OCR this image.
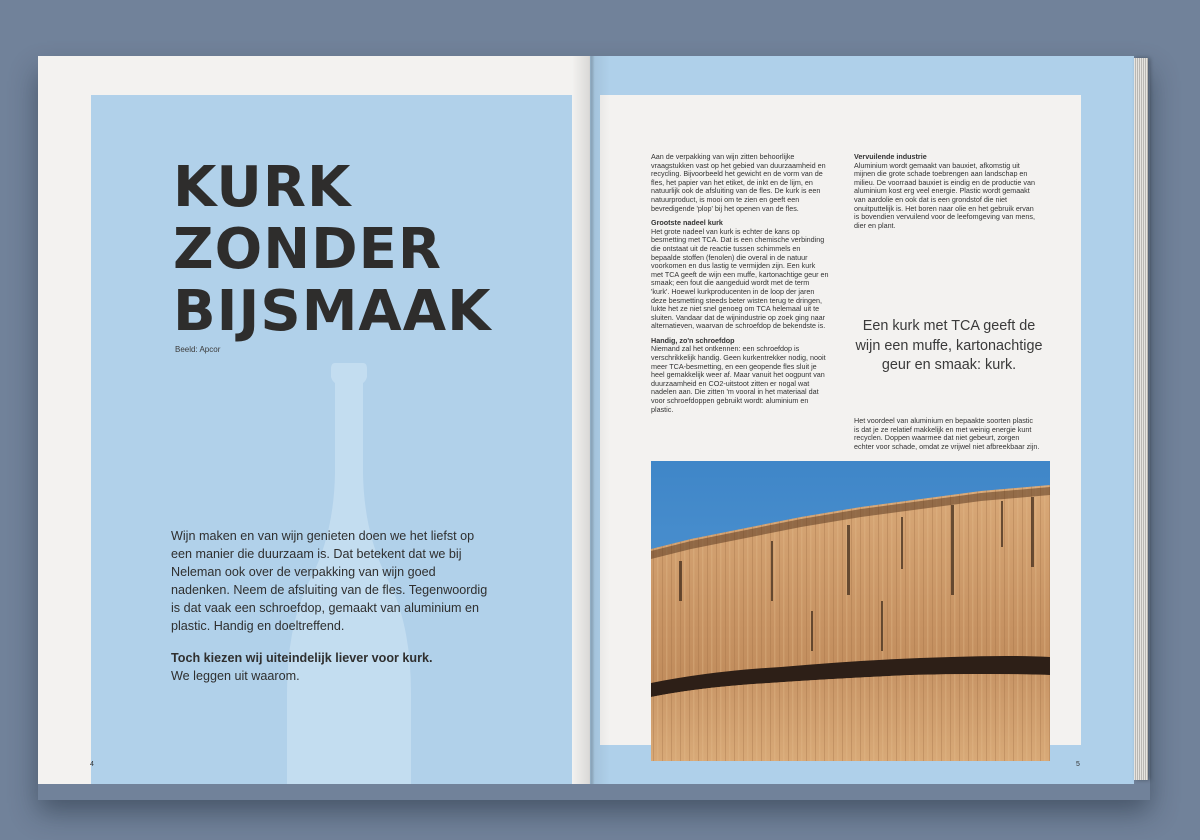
KURK
ZONDER
BIJSMAAK
Beeld: Apcor

Wijn maken en van wijn genieten doen we het liefst op een manier die duurzaam is. Dat betekent dat we bij Neleman ook over de verpakking van wijn goed nadenken. Neem de afsluiting van de fles. Tegenwoordig is dat vaak een schroefdop, gemaakt van aluminium en plastic. Handig en doeltreffend.

Toch kiezen wij uiteindelijk liever voor kurk.
We leggen uit waarom.

4

Aan de verpakking van wijn zitten behoorlijke vraagstukken vast op het gebied van duurzaamheid en recycling. Bijvoorbeeld het gewicht en de vorm van de fles, het papier van het etiket, de inkt en de lijm, en natuurlijk ook de afsluiting van de fles. De kurk is een natuurproduct, is mooi om te zien en geeft een bevredigende 'plop' bij het openen van de fles.

Grootste nadeel kurk

Het grote nadeel van kurk is echter de kans op besmetting met TCA. Dat is een chemische verbinding die ontstaat uit de reactie tussen schimmels en bepaalde stoffen (fenolen) die overal in de natuur voorkomen en dus lastig te vermijden zijn. Een kurk met TCA geeft de wijn een muffe, kartonachtige geur en smaak; een fout die aangeduid wordt met de term 'kurk'. Hoewel kurkproducenten in de loop der jaren deze besmetting steeds beter wisten terug te dringen, lukte het ze niet snel genoeg om TCA helemaal uit te sluiten. Vandaar dat de wijnindustrie op zoek ging naar alternatieven, waarvan de schroefdop de bekendste is.

Handig, zo'n schroefdop

Niemand zal het ontkennen: een schroefdop is verschrikkelijk handig. Geen kurkentrekker nodig, nooit meer TCA-besmetting, en een geopende fles sluit je heel gemakkelijk weer af. Maar vanuit het oogpunt van duurzaamheid en CO2-uitstoot zitten er nogal wat nadelen aan. Die zitten 'm vooral in het materiaal dat voor schroefdoppen gebruikt wordt: aluminium en plastic.

Vervuilende industrie

Aluminium wordt gemaakt van bauxiet, afkomstig uit mijnen die grote schade toebrengen aan landschap en milieu. De voorraad bauxiet is eindig en de productie van aluminium kost erg veel energie. Plastic wordt gemaakt van aardolie en ook dat is een grondstof die niet onuitputtelijk is. Het boren naar olie en het gebruik ervan is bovendien vervuilend voor de leefomgeving van mens, dier en plant.

Een kurk met TCA geeft de wijn een muffe, kartonachtige geur en smaak: kurk.

Het voordeel van aluminium en bepaakte soorten plastic is dat je ze relatief makkelijk en met weinig energie kunt recyclen. Doppen waarmee dat niet gebeurt, zorgen echter voor schade, omdat ze vrijwel niet afbreekbaar zijn.

5
